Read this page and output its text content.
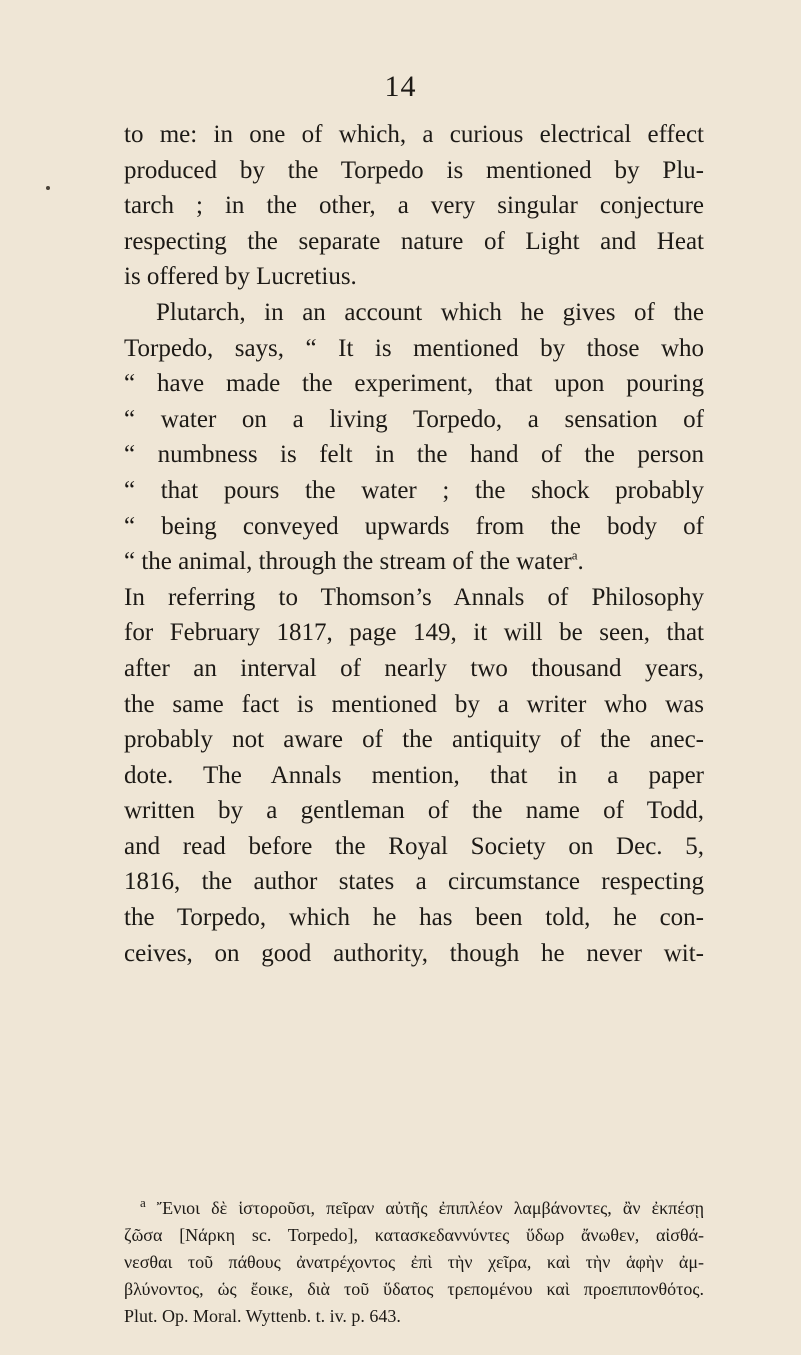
14
to me: in one of which, a curious electrical effect
produced by the Torpedo is mentioned by Plu-
tarch ; in the other, a very singular conjecture
respecting the separate nature of Light and Heat
is offered by Lucretius.
Plutarch, in an account which he gives of the
Torpedo, says, “ It is mentioned by those who
“ have made the experiment, that upon pouring
“ water on a living Torpedo, a sensation of
“ numbness is felt in the hand of the person
“ that pours the water ; the shock probably
“ being conveyed upwards from the body of
“ the animal, through the stream of the water$^a$.
In referring to Thomson’s Annals of Philosophy
for February 1817, page 149, it will be seen, that
after an interval of nearly two thousand years,
the same fact is mentioned by a writer who was
probably not aware of the antiquity of the anec-
dote. The Annals mention, that in a paper
written by a gentleman of the name of Todd,
and read before the Royal Society on Dec. 5,
1816, the author states a circumstance respecting
the Torpedo, which he has been told, he con-
ceives, on good authority, though he never wit-
$^a$ Ἔνιοι δὲ ἱστοροῦσι, πεῖραν αὐτῆς ἐπιπλέον λαμβάνοντες, ἂν ἐκπέσῃ
ζῶσα [Νάρκη sc. Torpedo], κατασκεδαννύντες ὕδωρ ἄνωθεν, αἰσθά-
νεσθαι τοῦ πάθους ἀνατρέχοντος ἐπὶ τὴν χεῖρα, καὶ τὴν ἁφὴν ἀμ-
βλύνοντος, ὡς ἔοικε, διὰ τοῦ ὕδατος τρεπομένου καὶ προεπιπονθότος.
Plut. Op. Moral. Wyttenb. t. iv. p. 643.
